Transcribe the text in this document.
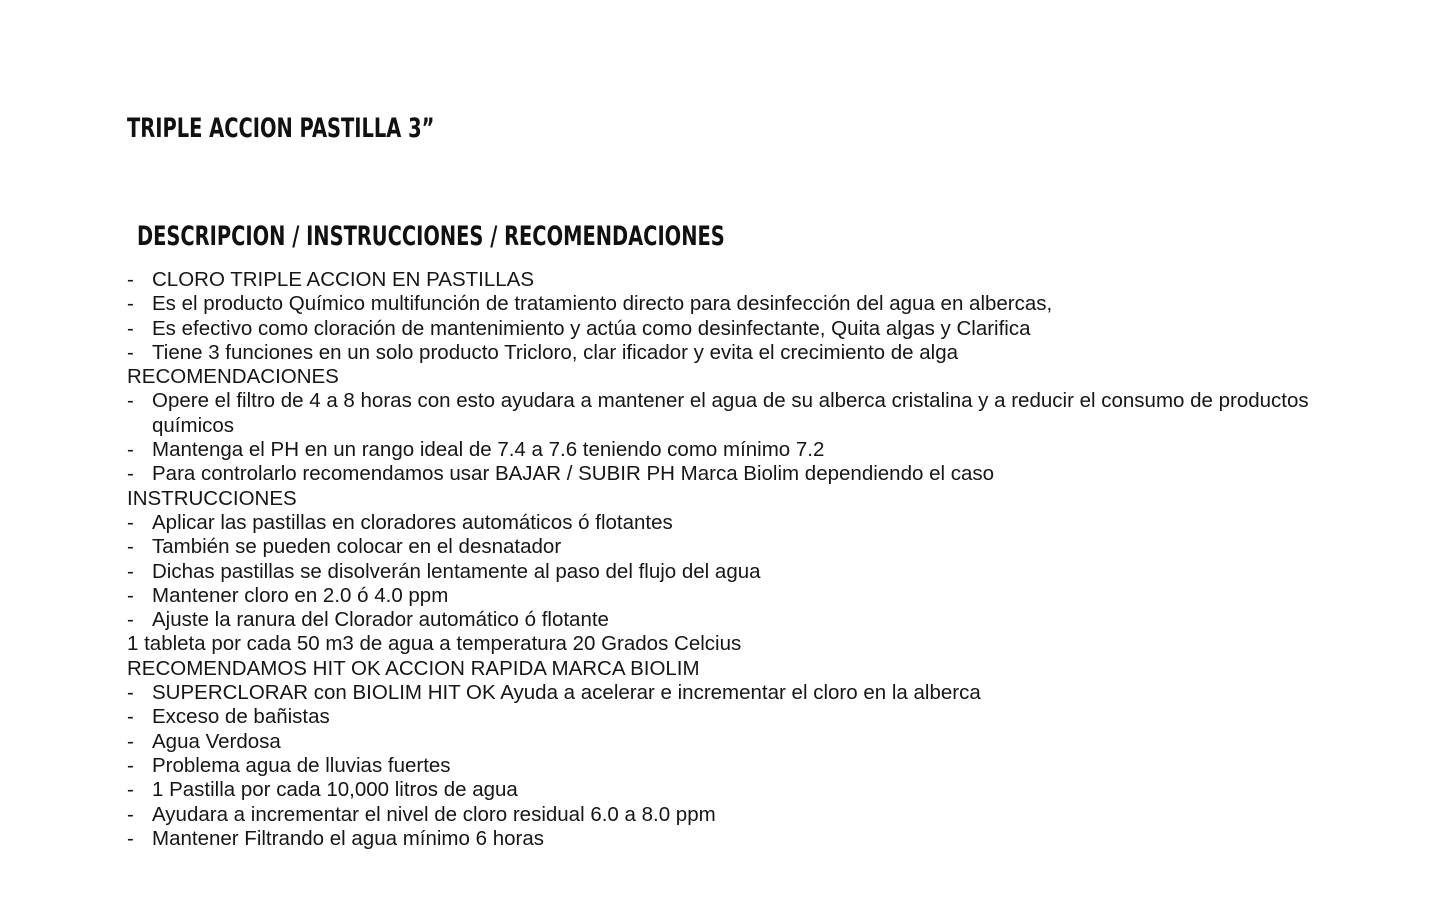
TRIPLE ACCION PASTILLA 3”
DESCRIPCION / INSTRUCCIONES / RECOMENDACIONES
- CLORO TRIPLE ACCION EN PASTILLAS
- Es el producto Químico multifunción de tratamiento directo para desinfección del agua en albercas,
- Es efectivo como cloración de mantenimiento y actúa como desinfectante, Quita algas y Clarifica
- Tiene 3 funciones en un solo producto Tricloro, clar ificador y evita el crecimiento de alga
RECOMENDACIONES
- Opere el filtro de 4 a 8 horas con esto ayudara a mantener el agua de su alberca cristalina y a reducir el consumo de productos químicos
- Mantenga el PH en un rango ideal de 7.4 a 7.6 teniendo como mínimo 7.2
- Para controlarlo recomendamos usar BAJAR / SUBIR PH Marca Biolim dependiendo el caso
INSTRUCCIONES
- Aplicar las pastillas en cloradores automáticos ó flotantes
- También se pueden colocar en el desnatador
- Dichas pastillas se disolverán lentamente al paso del flujo del agua
- Mantener cloro en 2.0 ó 4.0 ppm
- Ajuste la ranura del Clorador automático ó flotante
1 tableta por cada 50 m3 de agua a temperatura 20 Grados Celcius
RECOMENDAMOS HIT OK ACCION RAPIDA MARCA BIOLIM
- SUPERCLORAR con BIOLIM HIT OK Ayuda a acelerar e incrementar el cloro en la alberca
- Exceso de bañistas
- Agua Verdosa
- Problema agua de lluvias fuertes
- 1 Pastilla por cada 10,000 litros de agua
- Ayudara a incrementar el nivel de cloro residual 6.0 a 8.0 ppm
- Mantener Filtrando el agua mínimo 6 horas
